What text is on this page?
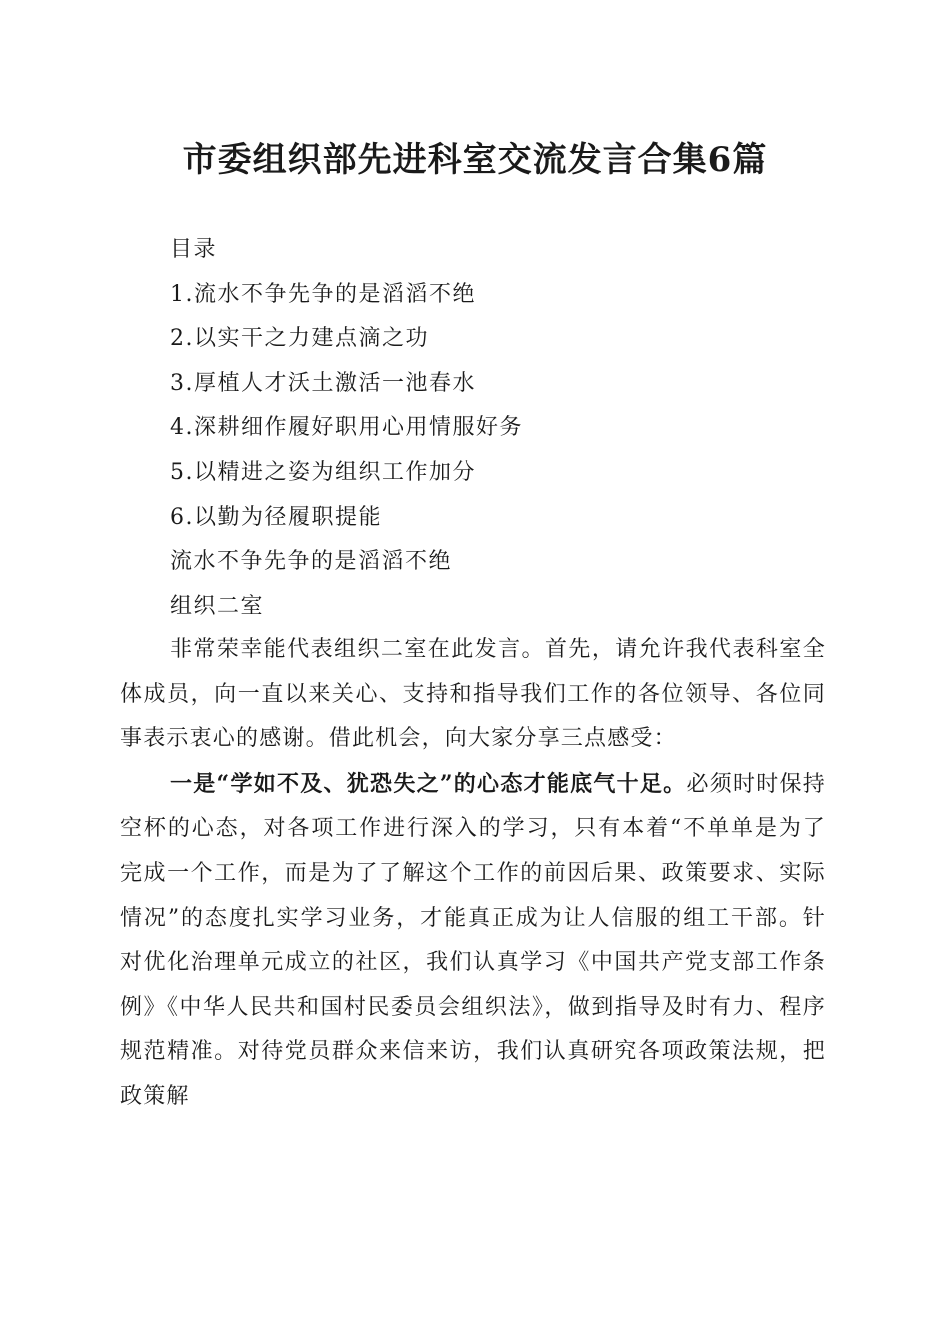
市委组织部先进科室交流发言合集6篇
目录
1.流水不争先争的是滔滔不绝
2.以实干之力建点滴之功
3.厚植人才沃土激活一池春水
4.深耕细作履好职用心用情服好务
5.以精进之姿为组织工作加分
6.以勤为径履职提能
流水不争先争的是滔滔不绝
组织二室

非常荣幸能代表组织二室在此发言。首先，请允许我代表科室全体成员，向一直以来关心、支持和指导我们工作的各位领导、各位同事表示衷心的感谢。借此机会，向大家分享三点感受：

一是“学如不及、犹恐失之”的心态才能底气十足。必须时时保持空杯的心态，对各项工作进行深入的学习，只有本着“不单单是为了完成一个工作，而是为了了解这个工作的前因后果、政策要求、实际情况”的态度扎实学习业务，才能真正成为让人信服的组工干部。针对优化治理单元成立的社区，我们认真学习《中国共产党支部工作条例》《中华人民共和国村民委员会组织法》，做到指导及时有力、程序规范精准。对待党员群众来信来访，我们认真研究各项政策法规，把政策解
